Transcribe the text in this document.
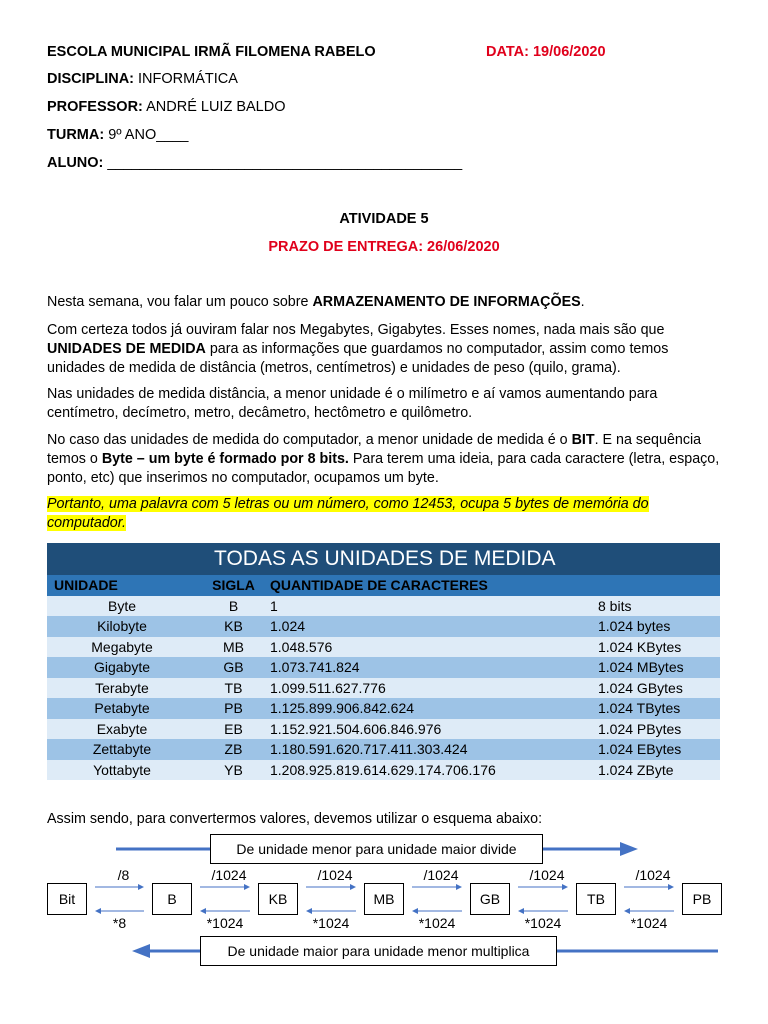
ESCOLA MUNICIPAL IRMÃ FILOMENA RABELO	DATA: 19/06/2020
DISCIPLINA: INFORMÁTICA
PROFESSOR: ANDRÉ LUIZ BALDO
TURMA: 9º ANO____
ALUNO: ____________________________________________
ATIVIDADE 5
PRAZO DE ENTREGA: 26/06/2020
Nesta semana, vou falar um pouco sobre ARMAZENAMENTO DE INFORMAÇÕES.
Com certeza todos já ouviram falar nos Megabytes, Gigabytes. Esses nomes, nada mais são que UNIDADES DE MEDIDA para as informações que guardamos no computador, assim como temos unidades de medida de distância (metros, centímetros) e unidades de peso (quilo, grama).
Nas unidades de medida distância, a menor unidade é o milímetro e aí vamos aumentando para centímetro, decímetro, metro, decâmetro, hectômetro e quilômetro.
No caso das unidades de medida do computador, a menor unidade de medida é o BIT. E na sequência temos o Byte – um byte é formado por 8 bits. Para terem uma ideia, para cada caractere (letra, espaço, ponto, etc) que inserimos no computador, ocupamos um byte.
Portanto, uma palavra com 5 letras ou um número, como 12453, ocupa 5 bytes de memória do computador.
TODAS AS UNIDADES DE MEDIDA			
UNIDADE	SIGLA	QUANTIDADE DE CARACTERES	
Byte	B	1	8 bits
Kilobyte	KB	1.024	1.024 bytes
Megabyte	MB	1.048.576	1.024 KBytes
Gigabyte	GB	1.073.741.824	1.024 MBytes
Terabyte	TB	1.099.511.627.776	1.024 GBytes
Petabyte	PB	1.125.899.906.842.624	1.024 TBytes
Exabyte	EB	1.152.921.504.606.846.976	1.024 PBytes
Zettabyte	ZB	1.180.591.620.717.411.303.424	1.024 EBytes
Yottabyte	YB	1.208.925.819.614.629.174.706.176	1.024 ZByte
Assim sendo, para convertermos valores, devemos utilizar o esquema abaixo:
De unidade menor para unidade maior divide
De unidade maior para unidade menor multiplica
Bit	B	KB	MB	GB	TB	PB
/8	/1024	/1024	/1024	/1024	/1024
*8	*1024	*1024	*1024	*1024	*1024
